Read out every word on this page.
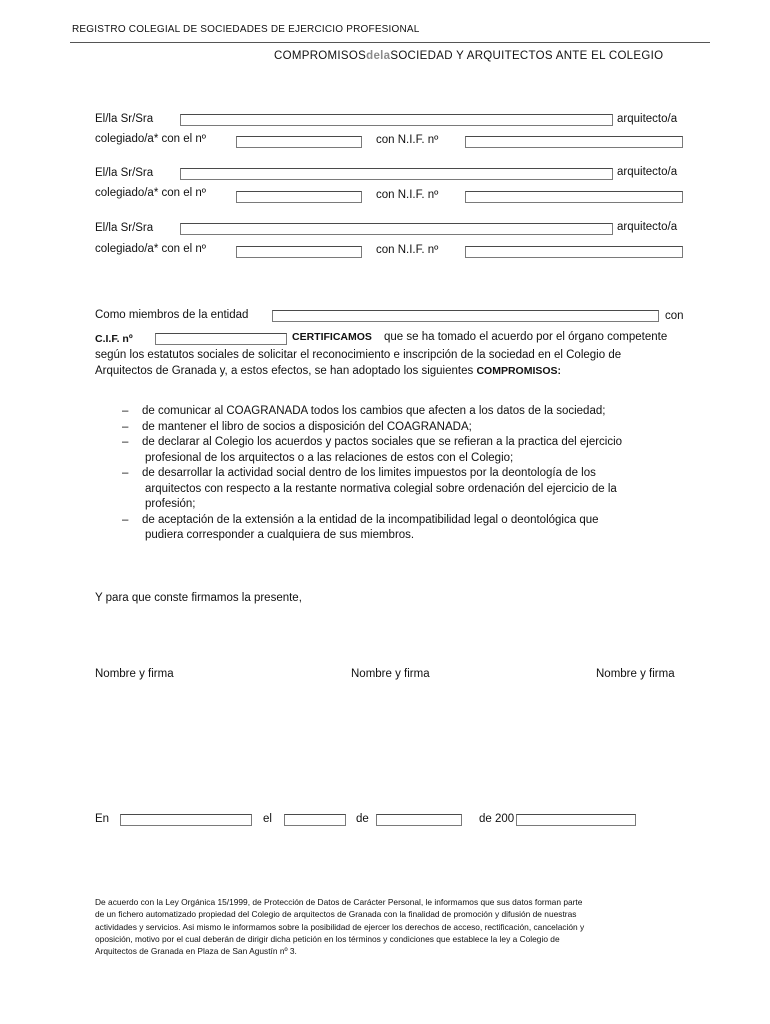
REGISTRO COLEGIAL DE SOCIEDADES DE EJERCICIO PROFESIONAL
COMPROMISOSdelaSOCIEDAD Y ARQUITECTOS ANTE EL COLEGIO
El/la Sr/Sra	arquitecto/a
colegiado/a* con el nº	con N.I.F. nº
El/la Sr/Sra	arquitecto/a
colegiado/a* con el nº	con N.I.F. nº
El/la Sr/Sra	arquitecto/a
colegiado/a* con el nº	con N.I.F. nº
Como miembros de la entidad	con
C.I.F. nº	CERTIFICAMOS que se ha tomado el acuerdo por el órgano competente
según los estatutos sociales de solicitar el reconocimiento e inscripción de la sociedad en el Colegio de
Arquitectos de Granada y, a estos efectos, se han adoptado los siguientes COMPROMISOS:
– de comunicar al COAGRANADA todos los cambios que afecten a los datos de la sociedad;
– de mantener el libro de socios a disposición del COAGRANADA;
– de declarar al Colegio los acuerdos y pactos sociales que se refieran a la practica del ejercicio
profesional de los arquitectos o a las relaciones de estos con el Colegio;
– de desarrollar la actividad social dentro de los limites impuestos por la deontología de los
arquitectos con respecto a la restante normativa colegial sobre ordenación del ejercicio de la
profesión;
– de aceptación de la extensión a la entidad de la incompatibilidad legal o deontológica que
pudiera corresponder a cualquiera de sus miembros.
Y para que conste firmamos la presente,
Nombre y firma	Nombre y firma	Nombre y firma
En	el	de	de 200
De acuerdo con la Ley Orgánica 15/1999, de Protección de Datos de Carácter Personal, le informamos que sus datos forman parte
de un fichero automatizado propiedad del Colegio de arquitectos de Granada con la finalidad de promoción y difusión de nuestras
actividades y servicios. Asi mismo le informamos sobre la posibilidad de ejercer los derechos de acceso, rectificación, cancelación y
oposición, motivo por el cual deberán de dirigir dicha petición en los términos y condiciones que establece la ley a Colegio de
Arquitectos de Granada en Plaza de San Agustín nº 3.
